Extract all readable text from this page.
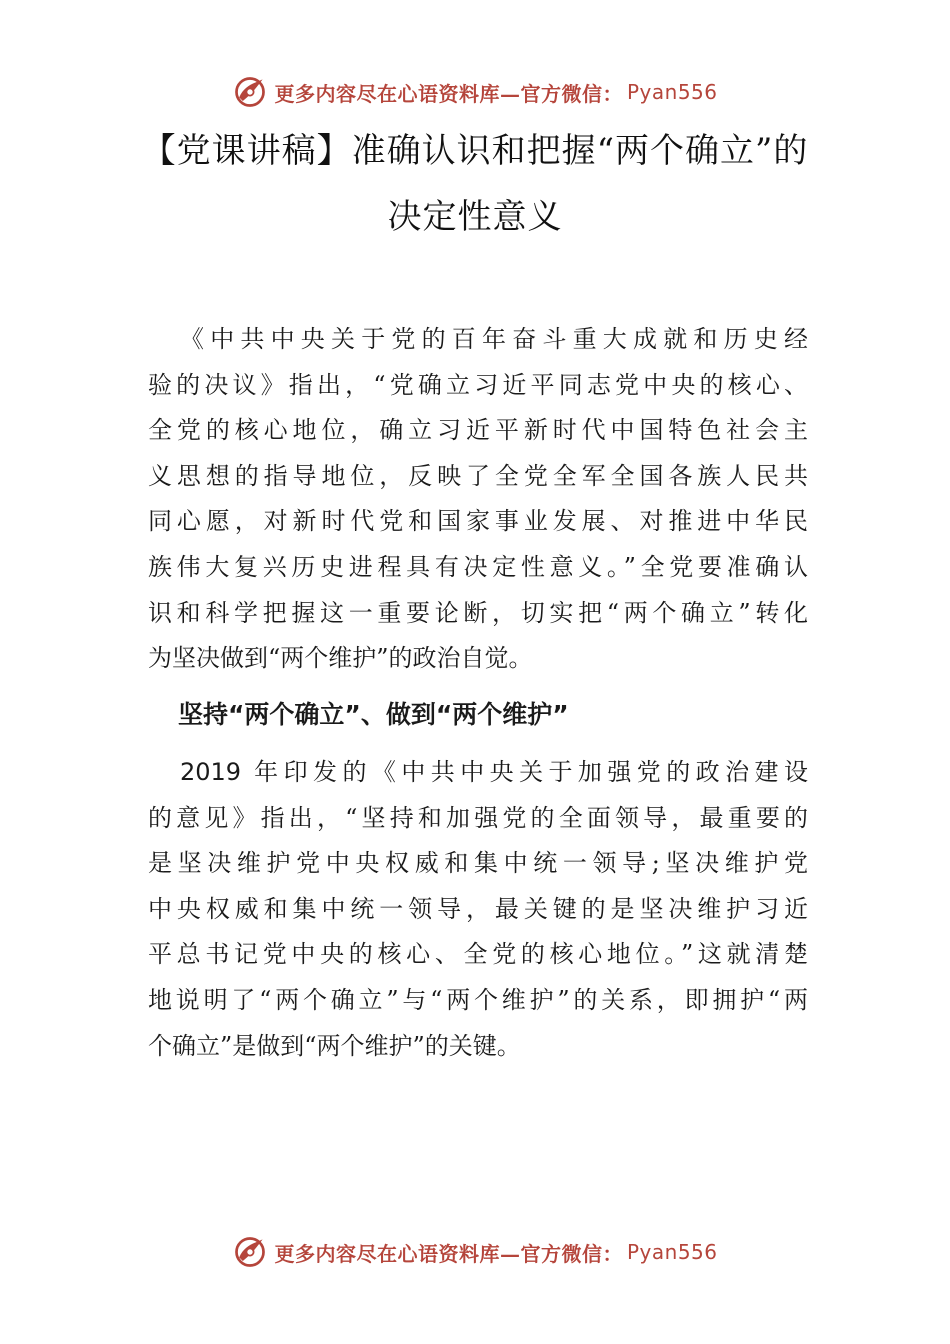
更多内容尽在心语资料库—官方微信： Pyan556
【党课讲稿】准确认识和把握“两个确立”的
决定性意义
《中共中央关于党的百年奋斗重大成就和历史经
验的决议》指出，“党确立习近平同志党中央的核心、
全党的核心地位，确立习近平新时代中国特色社会主
义思想的指导地位，反映了全党全军全国各族人民共
同心愿，对新时代党和国家事业发展、对推进中华民
族伟大复兴历史进程具有决定性意义。”全党要准确认
识和科学把握这一重要论断，切实把“两个确立”转化
为坚决做到“两个维护”的政治自觉。
坚持“两个确立”、做到“两个维护”
2019 年印发的《中共中央关于加强党的政治建设
的意见》指出，“坚持和加强党的全面领导，最重要的
是坚决维护党中央权威和集中统一领导;坚决维护党
中央权威和集中统一领导，最关键的是坚决维护习近
平总书记党中央的核心、全党的核心地位。”这就清楚
地说明了“两个确立”与“两个维护”的关系，即拥护“两
个确立”是做到“两个维护”的关键。
更多内容尽在心语资料库—官方微信： Pyan556
